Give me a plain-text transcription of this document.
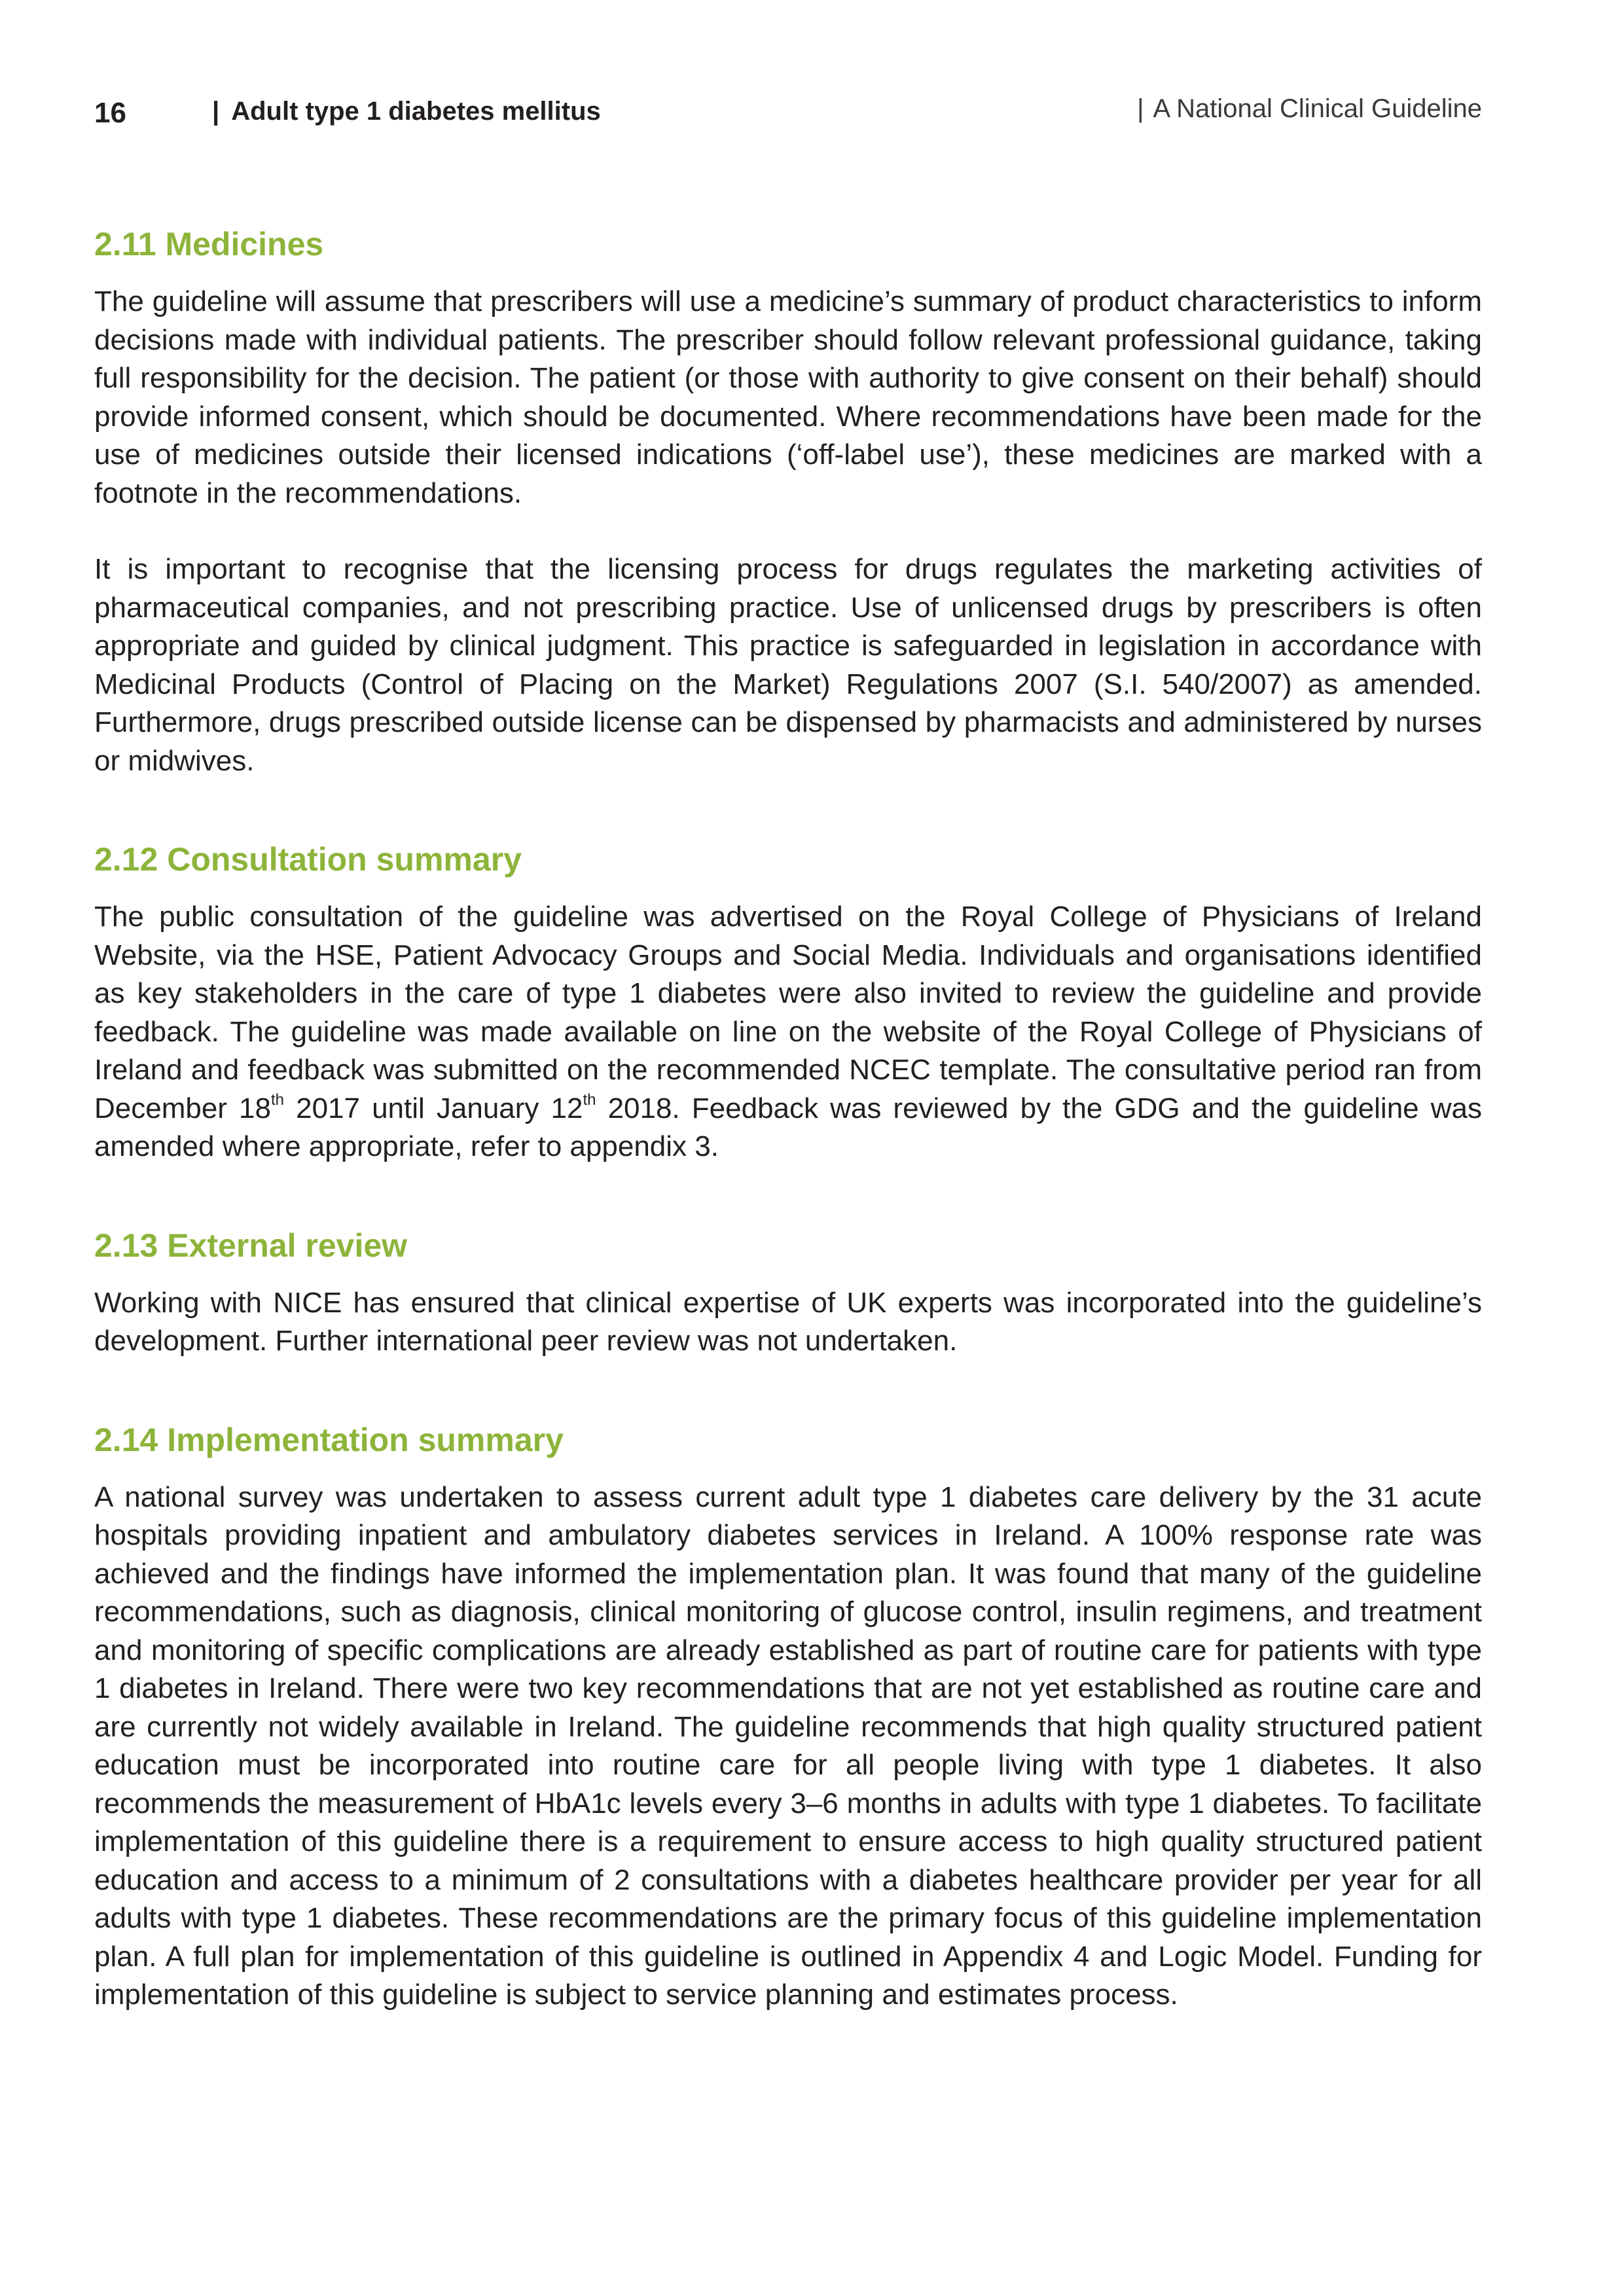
16	| Adult type 1 diabetes mellitus	| A National Clinical Guideline
2.11 Medicines

The guideline will assume that prescribers will use a medicine’s summary of product characteristics to inform decisions made with individual patients. The prescriber should follow relevant professional guidance, taking full responsibility for the decision. The patient (or those with authority to give consent on their behalf) should provide informed consent, which should be documented. Where recommendations have been made for the use of medicines outside their licensed indications (‘off-label use’), these medicines are marked with a footnote in the recommendations.

It is important to recognise that the licensing process for drugs regulates the marketing activities of pharmaceutical companies, and not prescribing practice. Use of unlicensed drugs by prescribers is often appropriate and guided by clinical judgment. This practice is safeguarded in legislation in accordance with Medicinal Products (Control of Placing on the Market) Regulations 2007 (S.I. 540/2007) as amended. Furthermore, drugs prescribed outside license can be dispensed by pharmacists and administered by nurses or midwives.

2.12 Consultation summary

The public consultation of the guideline was advertised on the Royal College of Physicians of Ireland Website, via the HSE, Patient Advocacy Groups and Social Media. Individuals and organisations identified as key stakeholders in the care of type 1 diabetes were also invited to review the guideline and provide feedback. The guideline was made available on line on the website of the Royal College of Physicians of Ireland and feedback was submitted on the recommended NCEC template. The consultative period ran from December 18th 2017 until January 12th 2018. Feedback was reviewed by the GDG and the guideline was amended where appropriate, refer to appendix 3.

2.13 External review

Working with NICE has ensured that clinical expertise of UK experts was incorporated into the guideline’s development. Further international peer review was not undertaken.

2.14 Implementation summary

A national survey was undertaken to assess current adult type 1 diabetes care delivery by the 31 acute hospitals providing inpatient and ambulatory diabetes services in Ireland. A 100% response rate was achieved and the findings have informed the implementation plan. It was found that many of the guideline recommendations, such as diagnosis, clinical monitoring of glucose control, insulin regimens, and treatment and monitoring of specific complications are already established as part of routine care for patients with type 1 diabetes in Ireland. There were two key recommendations that are not yet established as routine care and are currently not widely available in Ireland. The guideline recommends that high quality structured patient education must be incorporated into routine care for all people living with type 1 diabetes. It also recommends the measurement of HbA1c levels every 3–6 months in adults with type 1 diabetes. To facilitate implementation of this guideline there is a requirement to ensure access to high quality structured patient education and access to a minimum of 2 consultations with a diabetes healthcare provider per year for all adults with type 1 diabetes. These recommendations are the primary focus of this guideline implementation plan. A full plan for implementation of this guideline is outlined in Appendix 4 and Logic Model. Funding for implementation of this guideline is subject to service planning and estimates process.
